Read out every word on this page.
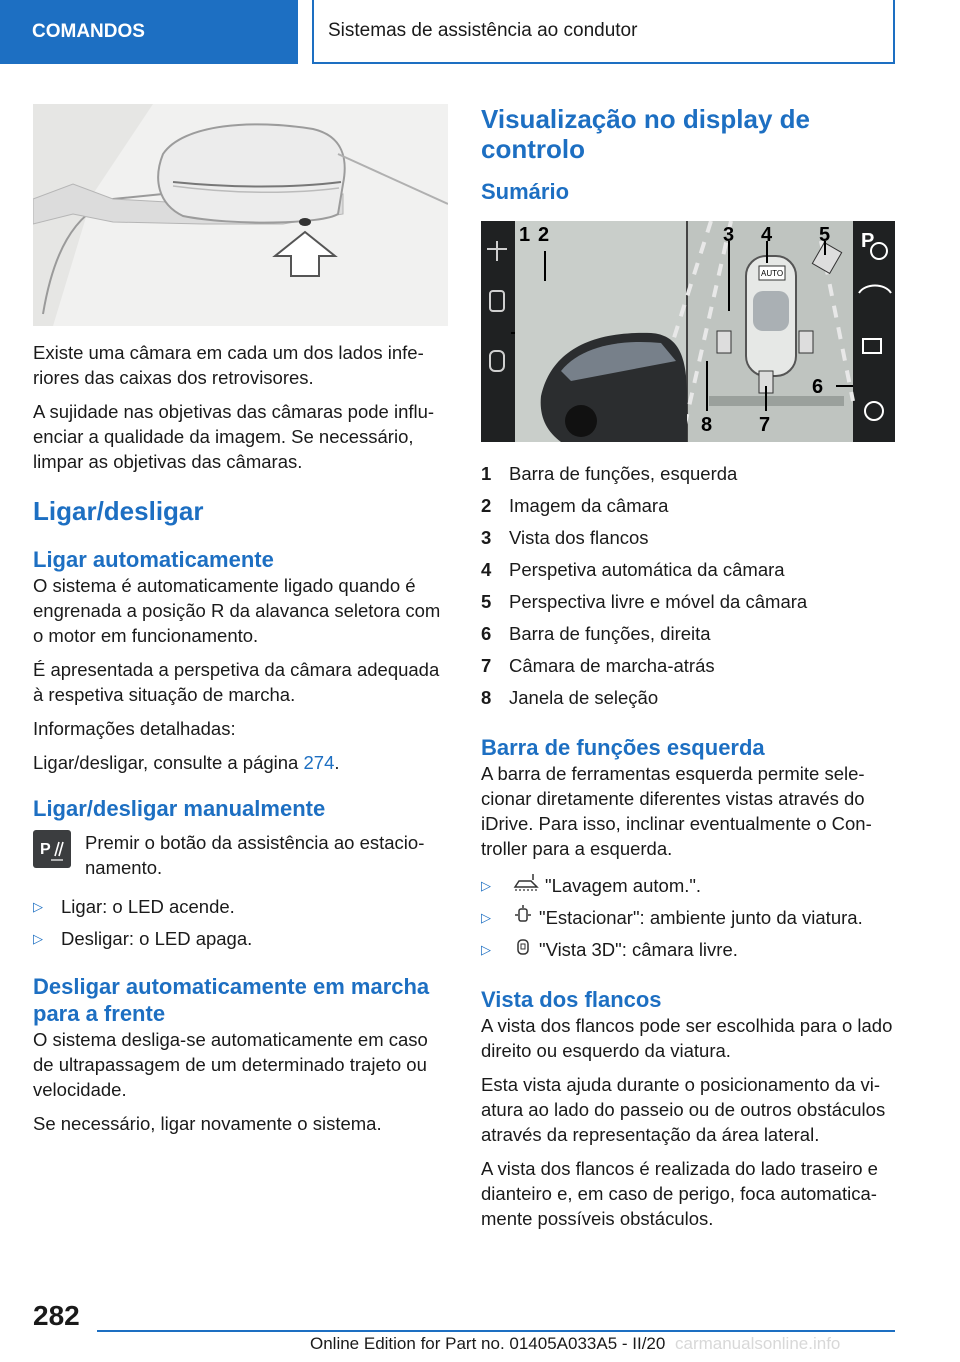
COMANDOS	Sistemas de assistência ao condutor

Existe uma câmara em cada um dos lados inferiores das caixas dos retrovisores.

A sujidade nas objetivas das câmaras pode influenciar a qualidade da imagem. Se necessário, limpar as objetivas das câmaras.

Ligar/desligar
Ligar automaticamente

O sistema é automaticamente ligado quando é engrenada a posição R da alavanca seletora com o motor em funcionamento.

É apresentada a perspetiva da câmara adequada à respetiva situação de marcha.

Informações detalhadas:

Ligar/desligar, consulte a página 274.

Ligar/desligar manualmente
P Premir o botão da assistência ao estacionamento.

▷ Ligar: o LED acende.
▷ Desligar: o LED apaga.
Desligar automaticamente em marcha para a frente

O sistema desliga-se automaticamente em caso de ultrapassagem de um determinado trajeto ou velocidade.

Se necessário, ligar novamente o sistema.

Visualização no display de controlo
Sumário
AUTO
1 2	3 4 5
6
7
8
P
1 Barra de funções, esquerda
2 Imagem da câmara
3 Vista dos flancos
4 Perspetiva automática da câmara
5 Perspectiva livre e móvel da câmara
6 Barra de funções, direita
7 Câmara de marcha-atrás
8 Janela de seleção
Barra de funções esquerda

A barra de ferramentas esquerda permite selecionar diretamente diferentes vistas através do iDrive. Para isso, inclinar eventualmente o Controller para a esquerda.

▷	"Lavagem autom.".
▷	"Estacionar": ambiente junto da viatura.
▷	"Vista 3D": câmara livre.
Vista dos flancos

A vista dos flancos pode ser escolhida para o lado direito ou esquerdo da viatura.

Esta vista ajuda durante o posicionamento da viatura ao lado do passeio ou de outros obstáculos através da representação da área lateral.

A vista dos flancos é realizada do lado traseiro e dianteiro e, em caso de perigo, foca automaticamente possíveis obstáculos.

282
Online Edition for Part no. 01405A033A5 - II/20 carmanualsonline.info
